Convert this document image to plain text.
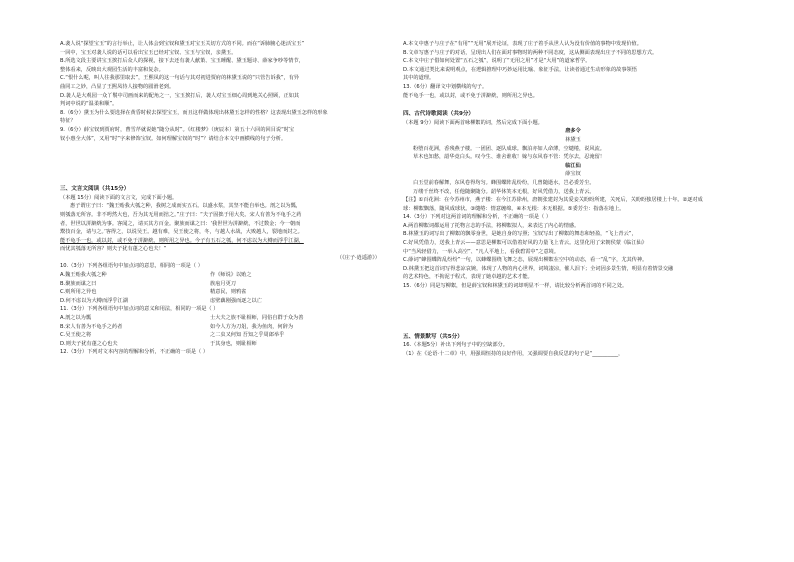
A.袭人说“探望宝玉”的言行举止，让人体会到宝钗和黛玉对宝玉关切方式的不同。而在“诉肺腑心迷活宝玉”
一回中，宝玉对袭人说的话可以看出宝玉已经对宝钗、宝玉与宝钗，亲黛玉。
B.所选文段主要讲宝玉挨打后众人的探视，接下去还有袭人献策、宝玉睡醒、黛玉题诗、薛家争吵等情节，
整体看来，反映出大观园生活的丰富和复杂。
C.“恨什么呢，叫人往我那里取去”，王熙凤的这一句话与其对初进贾府的林黛玉说的“只管告诉我”，有异
曲同工之妙，凸显了王熙凤待人接物的圆滑老到。
D.袭人是大观园一众丫鬟中司画而来的配角之一，宝玉挨打后，袭人对宝玉细心周到地关心照顾，正如其
判词中说的“温柔和顺”。
8.（6分）黛玉为什么要选择在黄昏时候去探望宝玉，而且这样做体现出林黛玉怎样的性格？这表现出黛玉怎样的形象
特征？
9.（6分）薛宝钗到贾府时，曹雪芹就说她“随分从时”。《红楼梦》（庚辰本）第五十六回的回目说“时宝
钗小惠全大体”，又用“时”字来修饰宝钗。如何理解宝钗的“时”？请结合本文中画横线的句子分析。
三、文言文阅读（共15分）
（本题 15分）阅读下面的文言文，完成下面小题。
惠子谓庄子曰：“魏王贻我大瓠之种，我树之成而实五石。以盛水浆，其坚不能自举也。剖之以为瓢，
则瓠落无所容。非不呺然大也，吾为其无用而掊之。”庄子曰：“夫子固拙于用大矣。宋人有善为不龟手之药
者，世世以洴澼絖为事。客闻之，请买其方百金。聚族而谋之曰：‘我世世为洴澼絖，不过数金；今一朝而
鬻技百金，请与之。’客得之，以说吴王。越有难，吴王使之将，冬，与越人水战，大败越人，裂地而封之。
能不龟手一也，或以封，或不免于洴澼絖，则所用之异也。今子有五石之瓠，何不虑以为大樽而浮乎江湖，
而忧其瓠落无所容？则夫子犹有蓬之心也夫！”
（《庄子·逍遥游》）
10.（3分）下列各组语句中加点词的意思，相同的一项是（ ）
A.魏王贻我大瓠之种	作《师说》以贻之
B.聚族而谋之曰	族庖月更刀
C.则所用之异也	精意民，则鸦雀
D.何不虑以为大樽而浮乎江湖	虑壁藕刚强而逐之以亡
11.（3分）下列各组语句中加点词的意义和用法，相同的一项是（ ）
A.剖之以为瓢	士大夫之族不耻相师，同俗自群于众为善
B.宋人有善为不龟手之药者	如今人方为刀俎，我为鱼肉，何辞为
C.吴王使之将	之二虫又何知 吾知之乎周郎举乎
D.则夫子犹有蓬之心也夫	于其身也，则耻相师
12.（3分）下列对文本内容的理解和分析，不正确的一项是（ ）
A.本文中惠子与庄子在“有用”“无用”展开论证，表现了庄子着手从世人认为没有价值的事物中发现价值。
B.文章写惠子与庄子的对话，呈现出人们在面对事物时的两种不同态度，这从侧面表现出庄子不同的思想方式。
C.本文中庄子借如何处置“五石之瓠”，说明了“无用之用”才是“大用”的道家哲学。
D.本文通过类比来说明观点，在逻辑推理中巧妙运用比喻、象征手法，让读者通过生动形象的故事领悟
其中的道理。
13.（6分）翻译文中划横线的句子。
能不龟手一也，或以封，或不免于洴澼絖，则所用之异也。
四、古代诗歌阅读（共9分）
（本题 9分）阅读下面两首咏柳絮的词，然后完成下面小题。
唐多令
林黛玉
粉堕百花洲，香残燕子楼。一团团、逐队成球。飘泊亦如人命薄，空缱绻，说风流。
草木也知愁，韶华竟白头。叹今生、谁舍谁收！嫁与东风春不管：凭尔去，忍淹留！
临江仙
薛宝钗
白玉堂前春解舞，东风卷得均匀。蜂围蝶阵乱纷纷，几曾随逝水，岂必委芳尘。
万缕千丝终不改，任他随聚随分。韶华休笑本无根，好风凭借力，送我上青云。
【注】①百花洲：在今苏州市，燕子楼：在今江苏徐州，唐朝张建封为其爱妾关盼盼所建，关死后，关盼盼独居楼上十年。②逐对成
球：柳絮飘落，随风成球状。③缱绻：情意缠绵。④本无根：本无根据。⑤委芳尘：指落在地上。
14.（3分）下列对这两首词的理解和分析，不正确的一项是（ ）
A.两首柳絮词都运用了托物言志的手法，将柳絮拟人，来表达了内心的情感。
B.林黛玉的词写出了柳絮的飘零身世，是她自身的写照；宝钗写出了柳絮的舞态和轻盈，“飞上青云”，
C.好风凭借力，送我上青云——意思是柳絮可以借着好风的力量飞上青云。这里化用了宋朝侯蒙《临江仙》
中“当风轻借力，一举入高空”、“凡人平地上，看我碧霄中”之意境。
C.薛词“蜂围蝶阵乱纷纷”一句，以蜂蝶围绕飞舞之态，展现出柳絮在空中的动态，看一“乱”字，尤其传神。
D.林黛玉把这首词写得悲凉哀婉，体现了人物的内心世界，词境凄凉，催人泪下；全词因多景生情，明显有着情景交融
的艺术特色，不拘泥于程式，表现了她卓越的艺术才能。
15.（6分）同是写柳絮，但是薛宝钗和林黛玉的词却明显不一样，请比较分析两首词的不同之处。
五、情景默写（共5分）
16.（本题5分）补出下列句子中的空缺部分。
（1）在《论语·十二章》中，用强调恒持的良好作用，又强调要自我反思的句子是“__________，
